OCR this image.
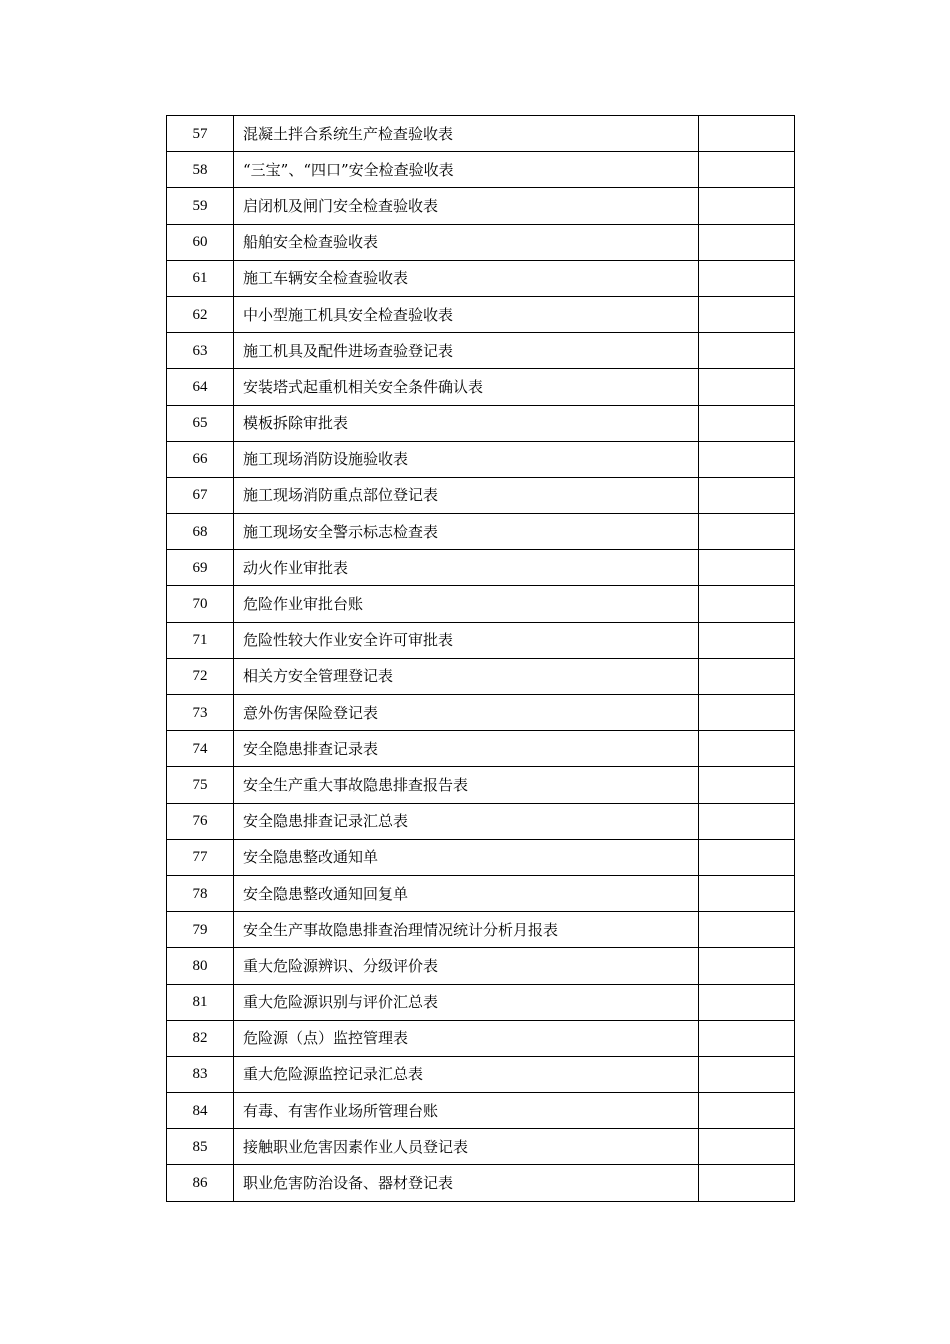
57	混凝土拌合系统生产检查验收表	
58	“三宝”、“四口”安全检查验收表	
59	启闭机及闸门安全检查验收表	
60	船舶安全检查验收表	
61	施工车辆安全检查验收表	
62	中小型施工机具安全检查验收表	
63	施工机具及配件进场查验登记表	
64	安装塔式起重机相关安全条件确认表	
65	模板拆除审批表	
66	施工现场消防设施验收表	
67	施工现场消防重点部位登记表	
68	施工现场安全警示标志检查表	
69	动火作业审批表	
70	危险作业审批台账	
71	危险性较大作业安全许可审批表	
72	相关方安全管理登记表	
73	意外伤害保险登记表	
74	安全隐患排查记录表	
75	安全生产重大事故隐患排查报告表	
76	安全隐患排查记录汇总表	
77	安全隐患整改通知单	
78	安全隐患整改通知回复单	
79	安全生产事故隐患排查治理情况统计分析月报表	
80	重大危险源辨识、分级评价表	
81	重大危险源识别与评价汇总表	
82	危险源（点）监控管理表	
83	重大危险源监控记录汇总表	
84	有毒、有害作业场所管理台账	
85	接触职业危害因素作业人员登记表	
86	职业危害防治设备、器材登记表	
